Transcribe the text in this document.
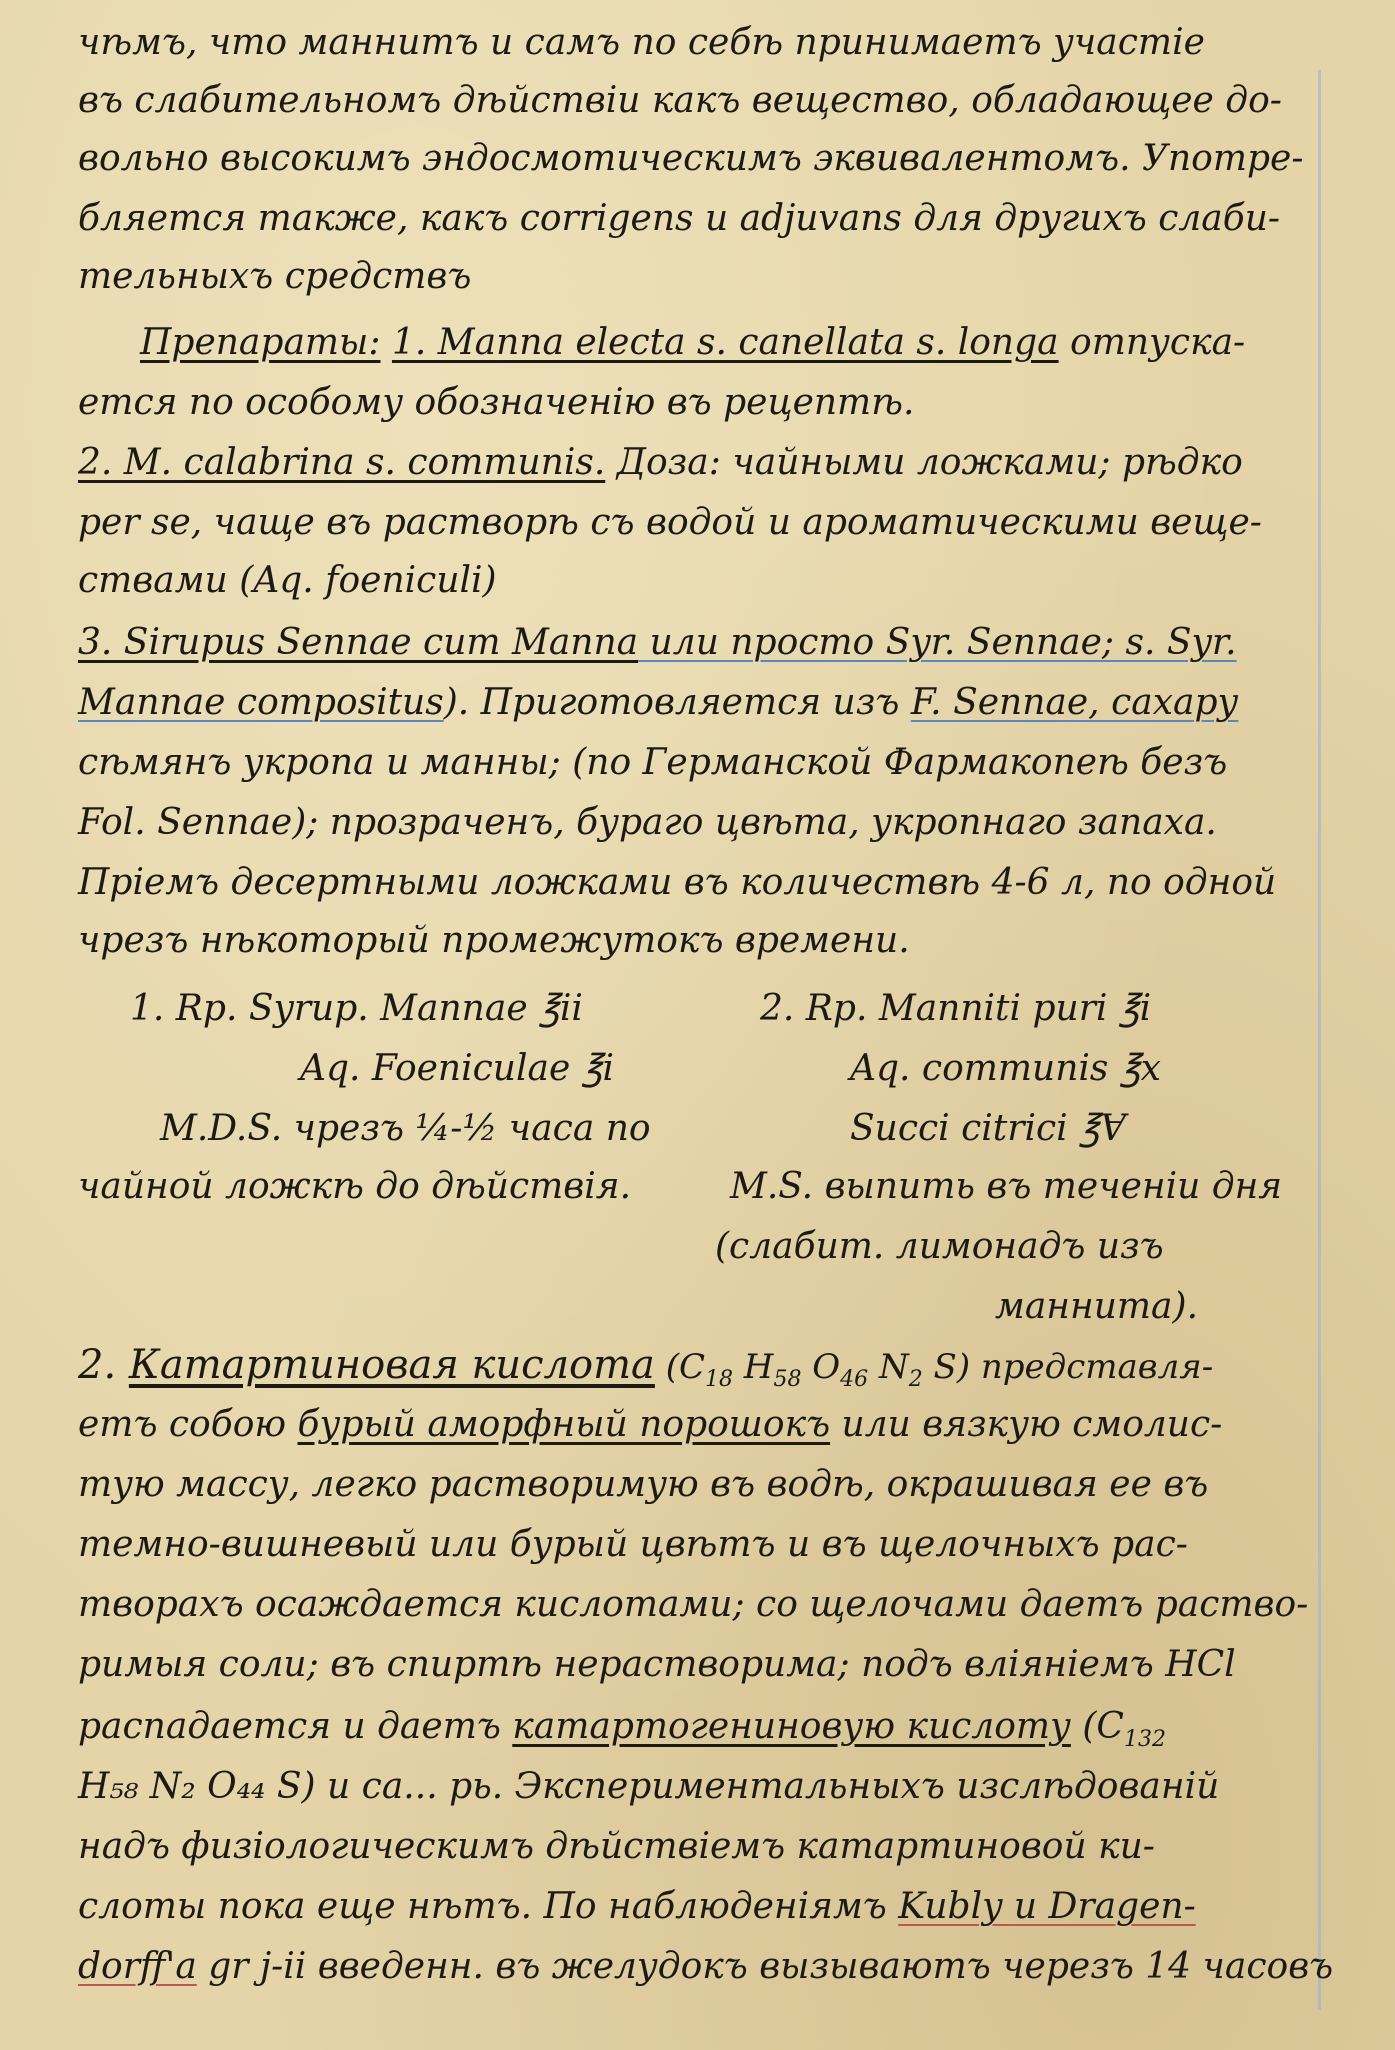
чѣмъ, что маннитъ и самъ по себѣ принимаетъ участіе
въ слабительномъ дѣйствіи какъ вещество, обладающее до-
вольно высокимъ эндосмотическимъ эквивалентомъ. Употре-
бляется также, какъ corrigens и adjuvans для другихъ слаби-
тельныхъ средствъ
Препараты: 1. Manna electa s. canellata s. longa отпуска-
ется по особому обозначенію въ рецептѣ.
2. M. calabrina s. communis. Доза: чайными ложками; рѣдко
per se, чаще въ растворѣ съ водой и ароматическими веще-
ствами (Aq. foeniculi)
3. Sirupus Sennae cum Manna или просто Syr. Sennae; s. Syr.
Mannae compositus). Приготовляется изъ F. Sennae, сахару
сѣмянъ укропа и манны; (по Германской Фармакопеѣ безъ
Fol. Sennae); прозраченъ, бураго цвѣта, укропнаго запаха.
Пріемъ десертными ложками въ количествѣ 4-6 л, по одной
чрезъ нѣкоторый промежутокъ времени.
1. Rp. Syrup. Mannae ℥ii
Aq. Foeniculae ℥i
M.D.S. чрезъ ¼-½ часа по
чайной ложкѣ до дѣйствія.
2. Rp. Manniti puri ℥i
Aq. communis ℥x
Succi citrici ℥Ɐ
M.S. выпить въ теченіи дня
(слабит. лимонадъ изъ
маннита).
2. Катартиновая кислота ($C_{18}$ $H_{58}$ $O_{46}$ $N_2$ S) представля-
етъ собою бурый аморфный порошокъ или вязкую смолис-
тую массу, легко растворимую въ водѣ, окрашивая ее въ
темно-вишневый или бурый цвѣтъ и въ щелочныхъ рас-
творахъ осаждается кислотами; со щелочами даетъ раство-
римыя соли; въ спиртѣ нерастворима; подъ вліяніемъ HCl
распадается и даетъ катартогениновую кислоту ($C_{132}$
H₅₈ N₂ O₄₄ S) и са... рь. Экспериментальныхъ изслѣдованій
надъ физіологическимъ дѣйствіемъ катартиновой ки-
слоты пока еще нѣтъ. По наблюденіямъ Kubly и Dragen-
dorff'а gr j-ii введенн. въ желудокъ вызываютъ черезъ 14 часовъ
